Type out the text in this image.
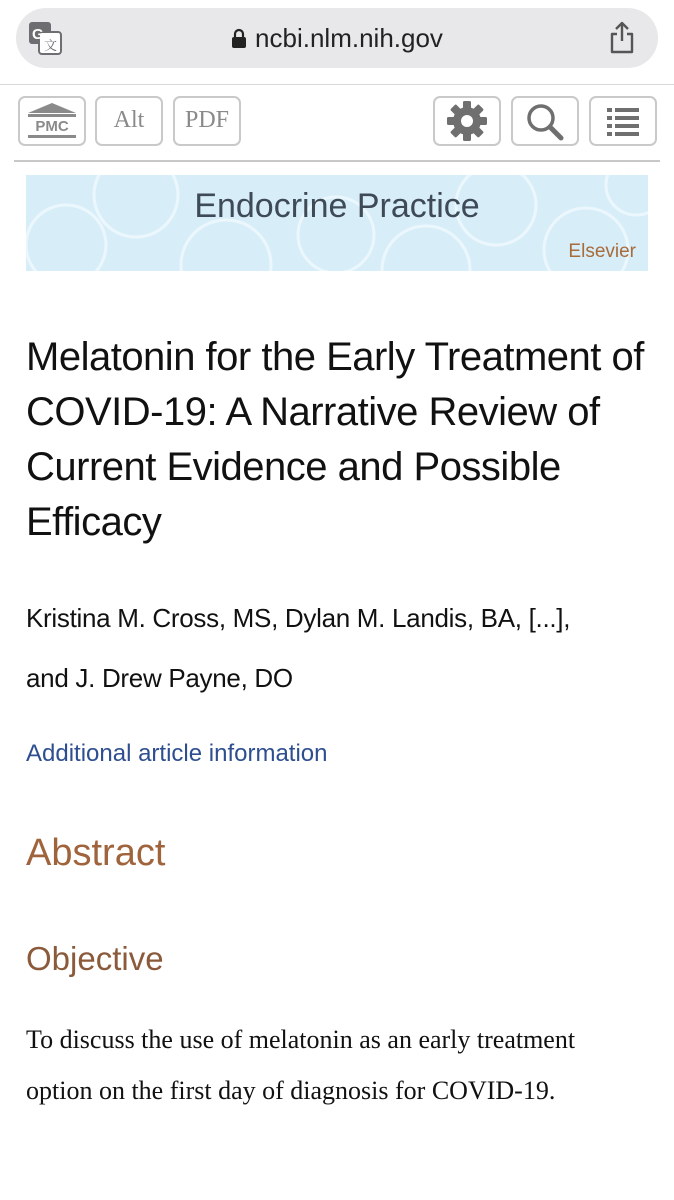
G
文	ncbi.nlm.nih.gov
PMC	Alt	PDF
Endocrine Practice
Elsevier
Melatonin for the Early Treatment of COVID-19: A Narrative Review of Current Evidence and Possible Efficacy
Kristina M. Cross, MS, Dylan M. Landis, BA, [...],
and J. Drew Payne, DO
Additional article information
Abstract
Objective

To discuss the use of melatonin as an early treatment option on the first day of diagnosis for COVID-19.
